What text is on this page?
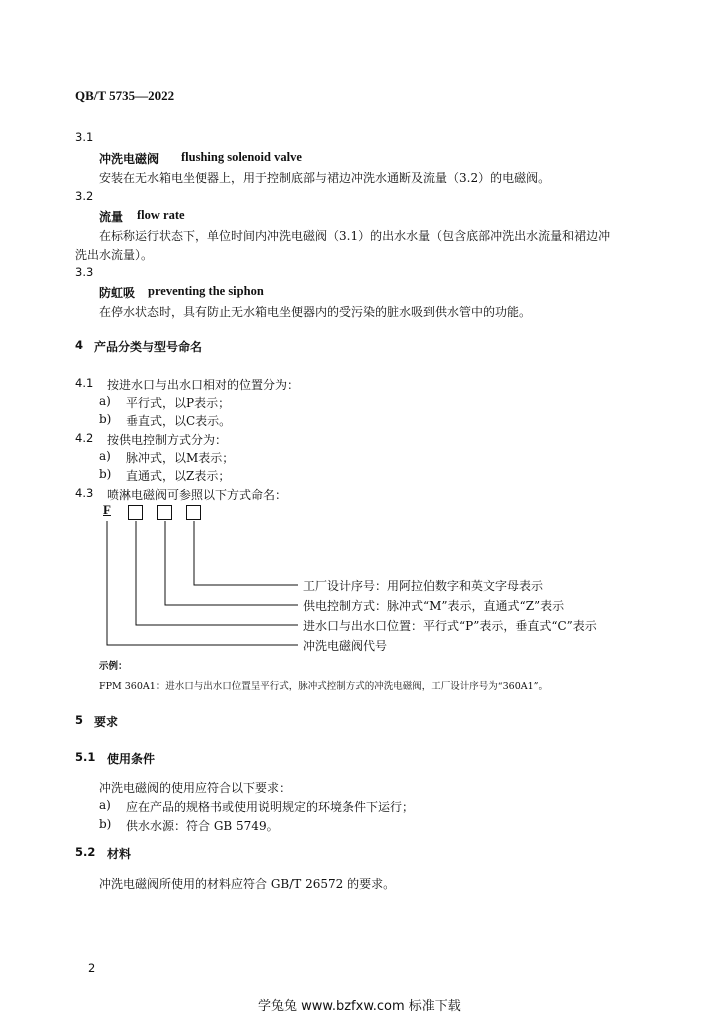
QB/T 5735—2022
3.1
冲洗电磁阀 flushing solenoid valve
安装在无水箱电坐便器上，用于控制底部与裙边冲洗水通断及流量（3.2）的电磁阀。
3.2
流量 flow rate
在标称运行状态下，单位时间内冲洗电磁阀（3.1）的出水水量（包含底部冲洗出水流量和裙边冲
洗出水流量）。
3.3
防虹吸 preventing the siphon
在停水状态时，具有防止无水箱电坐便器内的受污染的脏水吸到供水管中的功能。
4 产品分类与型号命名
4.1 按进水口与出水口相对的位置分为：
a) 平行式，以P表示；
b) 垂直式，以C表示。
4.2 按供电控制方式分为：
a) 脉冲式，以M表示；
b) 直通式，以Z表示；
4.3 喷淋电磁阀可参照以下方式命名：
F
工厂设计序号：用阿拉伯数字和英文字母表示
供电控制方式：脉冲式“M”表示，直通式“Z”表示
进水口与出水口位置：平行式“P”表示，垂直式“C”表示
冲洗电磁阀代号
示例：
FPM 360A1：进水口与出水口位置呈平行式，脉冲式控制方式的冲洗电磁阀，工厂设计序号为“360A1”。
5 要求
5.1 使用条件
冲洗电磁阀的使用应符合以下要求：
a) 应在产品的规格书或使用说明规定的环境条件下运行；
b) 供水水源：符合 GB 5749。
5.2 材料
冲洗电磁阀所使用的材料应符合 GB/T 26572 的要求。
2
学兔兔 www.bzfxw.com 标准下载
